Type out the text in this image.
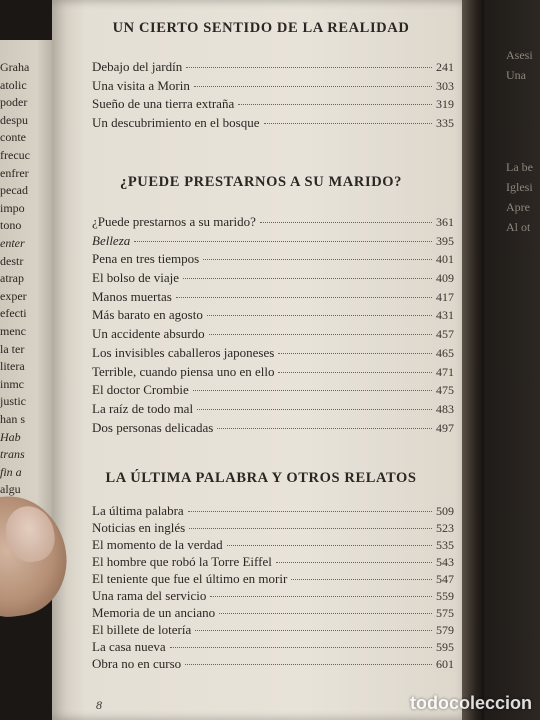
Graha
atolic
poder
despu
conte
frecuc
enfrer
pecad
impo
tono
enter
destr
atrap
exper
efecti
menc
la ter
litera
inmc
justic
han s
Hab
trans
fin a
algu
UN CIERTO SENTIDO DE LA REALIDAD
Debajo del jardín	241
Una visita a Morin	303
Sueño de una tierra extraña	319
Un descubrimiento en el bosque	335
¿PUEDE PRESTARNOS A SU MARIDO?
¿Puede prestarnos a su marido?	361
Belleza	395
Pena en tres tiempos	401
El bolso de viaje	409
Manos muertas	417
Más barato en agosto	431
Un accidente absurdo	457
Los invisibles caballeros japoneses	465
Terrible, cuando piensa uno en ello	471
El doctor Crombie	475
La raíz de todo mal	483
Dos personas delicadas	497
LA ÚLTIMA PALABRA Y OTROS RELATOS
La última palabra	509
Noticias en inglés	523
El momento de la verdad	535
El hombre que robó la Torre Eiffel	543
El teniente que fue el último en morir	547
Una rama del servicio	559
Memoria de un anciano	575
El billete de lotería	579
La casa nueva	595
Obra no en curso	601
8
Asesi
Una
La be
Iglesi
Apre
Al ot
todocoleccion
